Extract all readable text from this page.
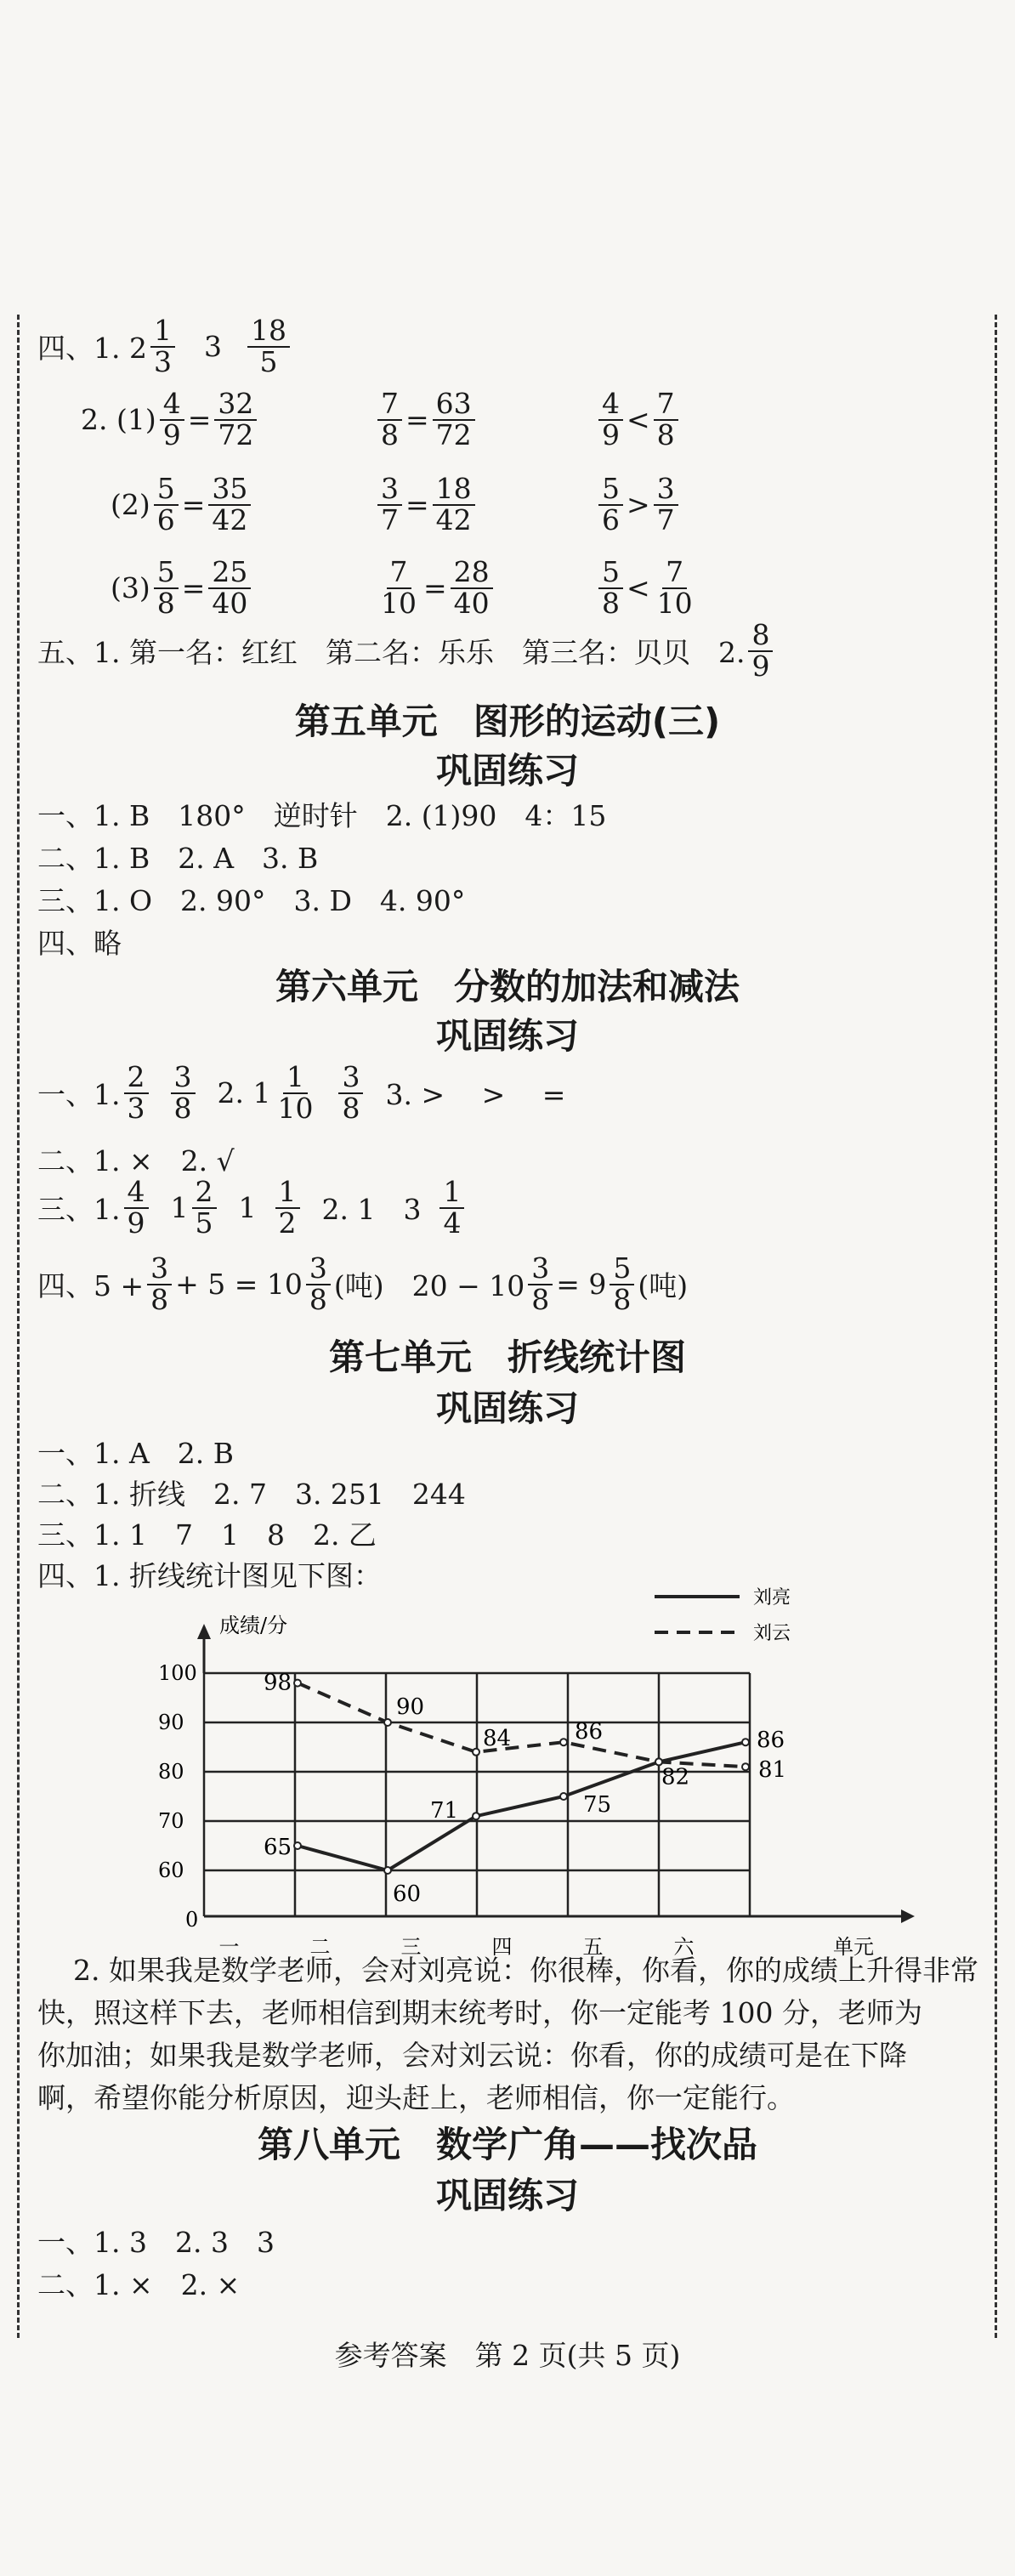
四、1. $2 \frac{1}{3} 3 \frac{18}{5}$
2. $(1) \frac{4}{9} = \frac{32}{72}$	$\frac{7}{8} = \frac{63}{72}$	$\frac{4}{9} < \frac{7}{8}$
$(2) \frac{5}{6} = \frac{35}{42}$	$\frac{3}{7} = \frac{18}{42}$	$\frac{5}{6} > \frac{3}{7}$
$(3) \frac{5}{8} = \frac{25}{40}$	$\frac{7}{10} = \frac{28}{40}$	$\frac{5}{8} < \frac{7}{10}$
五、1. 第一名：红红　第二名：乐乐　第三名：贝贝　2. $\frac{8}{9}$
第五单元　图形的运动(三)
巩固练习
一、1. B　180°　逆时针　2. (1)90　4：15
二、1. B　2. A　3. B
三、1. O　2. 90°　3. D　4. 90°
四、略
第六单元　分数的加法和减法
巩固练习
一、1. $\frac{2}{3} \frac{3}{8} 2$. $1 \frac{1}{10} \frac{3}{8} 3$. >　 >　 =
二、1. ×　2. √
三、1. $\frac{4}{9} 1 \frac{2}{5} 1 \frac{1}{2} 2$. 1　$3 \frac{1}{4}$
四、$5 + \frac{3}{8} + 5 = 10 \frac{3}{8}$ (吨)　$20 - 10 \frac{3}{8} = 9 \frac{5}{8}$ (吨)
第七单元　折线统计图
巩固练习
一、1. A　2. B
二、1. 折线　2. 7　3. 251　244
三、1. 1　7　1　8　2. 乙
四、1. 折线统计图见下图：
成绩/分
0
60
70
80
90
100
一	二	三	四	五	六	单元
98
90
84	86
82	81
65
60
71	75
86
刘亮
刘云
2. 如果我是数学老师，会对刘亮说：你很棒，你看，你的成绩上升得非常
快，照这样下去，老师相信到期末统考时，你一定能考 100 分，老师为
你加油；如果我是数学老师，会对刘云说：你看，你的成绩可是在下降
啊，希望你能分析原因，迎头赶上，老师相信，你一定能行。
第八单元　数学广角——找次品
巩固练习
一、1. 3　2. 3　3
二、1. ×　2. ×
参考答案　第 2 页(共 5 页)
